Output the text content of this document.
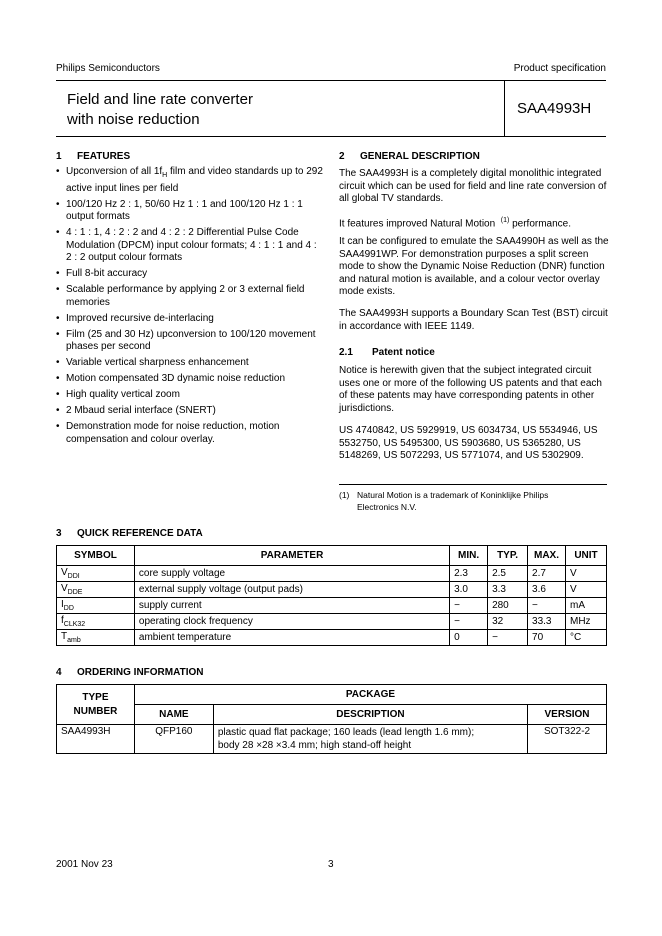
Philips Semiconductors	Product specification
Field and line rate converter
with noise reduction
SAA4993H
1 FEATURES
• Upconversion of all $1f_H$ film and video standards up to 292 active input lines per field
• 100/120 Hz 2 : 1, 50/60 Hz 1 : 1 and 100/120 Hz 1 : 1 output formats
• 4 : 1 : 1, 4 : 2 : 2 and 4 : 2 : 2 Differential Pulse Code Modulation (DPCM) input colour formats; 4 : 1 : 1 and 4 : 2 : 2 output colour formats
• Full 8-bit accuracy
• Scalable performance by applying 2 or 3 external field memories
• Improved recursive de-interlacing
• Film (25 and 30 Hz) upconversion to 100/120 movement phases per second
• Variable vertical sharpness enhancement
• Motion compensated 3D dynamic noise reduction
• High quality vertical zoom
• 2 Mbaud serial interface (SNERT)
• Demonstration mode for noise reduction, motion compensation and colour overlay.
2 GENERAL DESCRIPTION
The SAA4993H is a completely digital monolithic integrated circuit which can be used for field and line rate conversion of all global TV standards.
It features improved Natural Motion $^{(1)}$ performance.
It can be configured to emulate the SAA4990H as well as the SAA4991WP. For demonstration purposes a split screen mode to show the Dynamic Noise Reduction (DNR) function and natural motion is available, and a colour vector overlay mode exists.
The SAA4993H supports a Boundary Scan Test (BST) circuit in accordance with IEEE 1149.
2.1 Patent notice
Notice is herewith given that the subject integrated circuit uses one or more of the following US patents and that each of these patents may have corresponding patents in other jurisdictions.
US 4740842, US 5929919, US 6034734, US 5534946, US 5532750, US 5495300, US 5903680, US 5365280, US 5148269, US 5072293, US 5771074, and US 5302909.
(1) Natural Motion is a trademark of Koninklijke Philips Electronics N.V.
3 QUICK REFERENCE DATA
SYMBOL	PARAMETER	MIN.	TYP.	MAX.	UNIT
$V_{DDI}$	core supply voltage	2.3	2.5	2.7	V
$V_{DDE}$	external supply voltage (output pads)	3.0	3.3	3.6	V
$I_{DD}$	supply current	−	280	−	mA
$f_{CLK32}$	operating clock frequency	−	32	33.3	MHz
$T_{amb}$	ambient temperature	0	−	70	°C
4 ORDERING INFORMATION
TYPE
NUMBER	PACKAGE		
	NAME	DESCRIPTION	VERSION
SAA4993H	QFP160	plastic quad flat package; 160 leads (lead length 1.6 mm);
body 28 ×28 ×3.4 mm; high stand-off height	SOT322-2
2001 Nov 23	3
